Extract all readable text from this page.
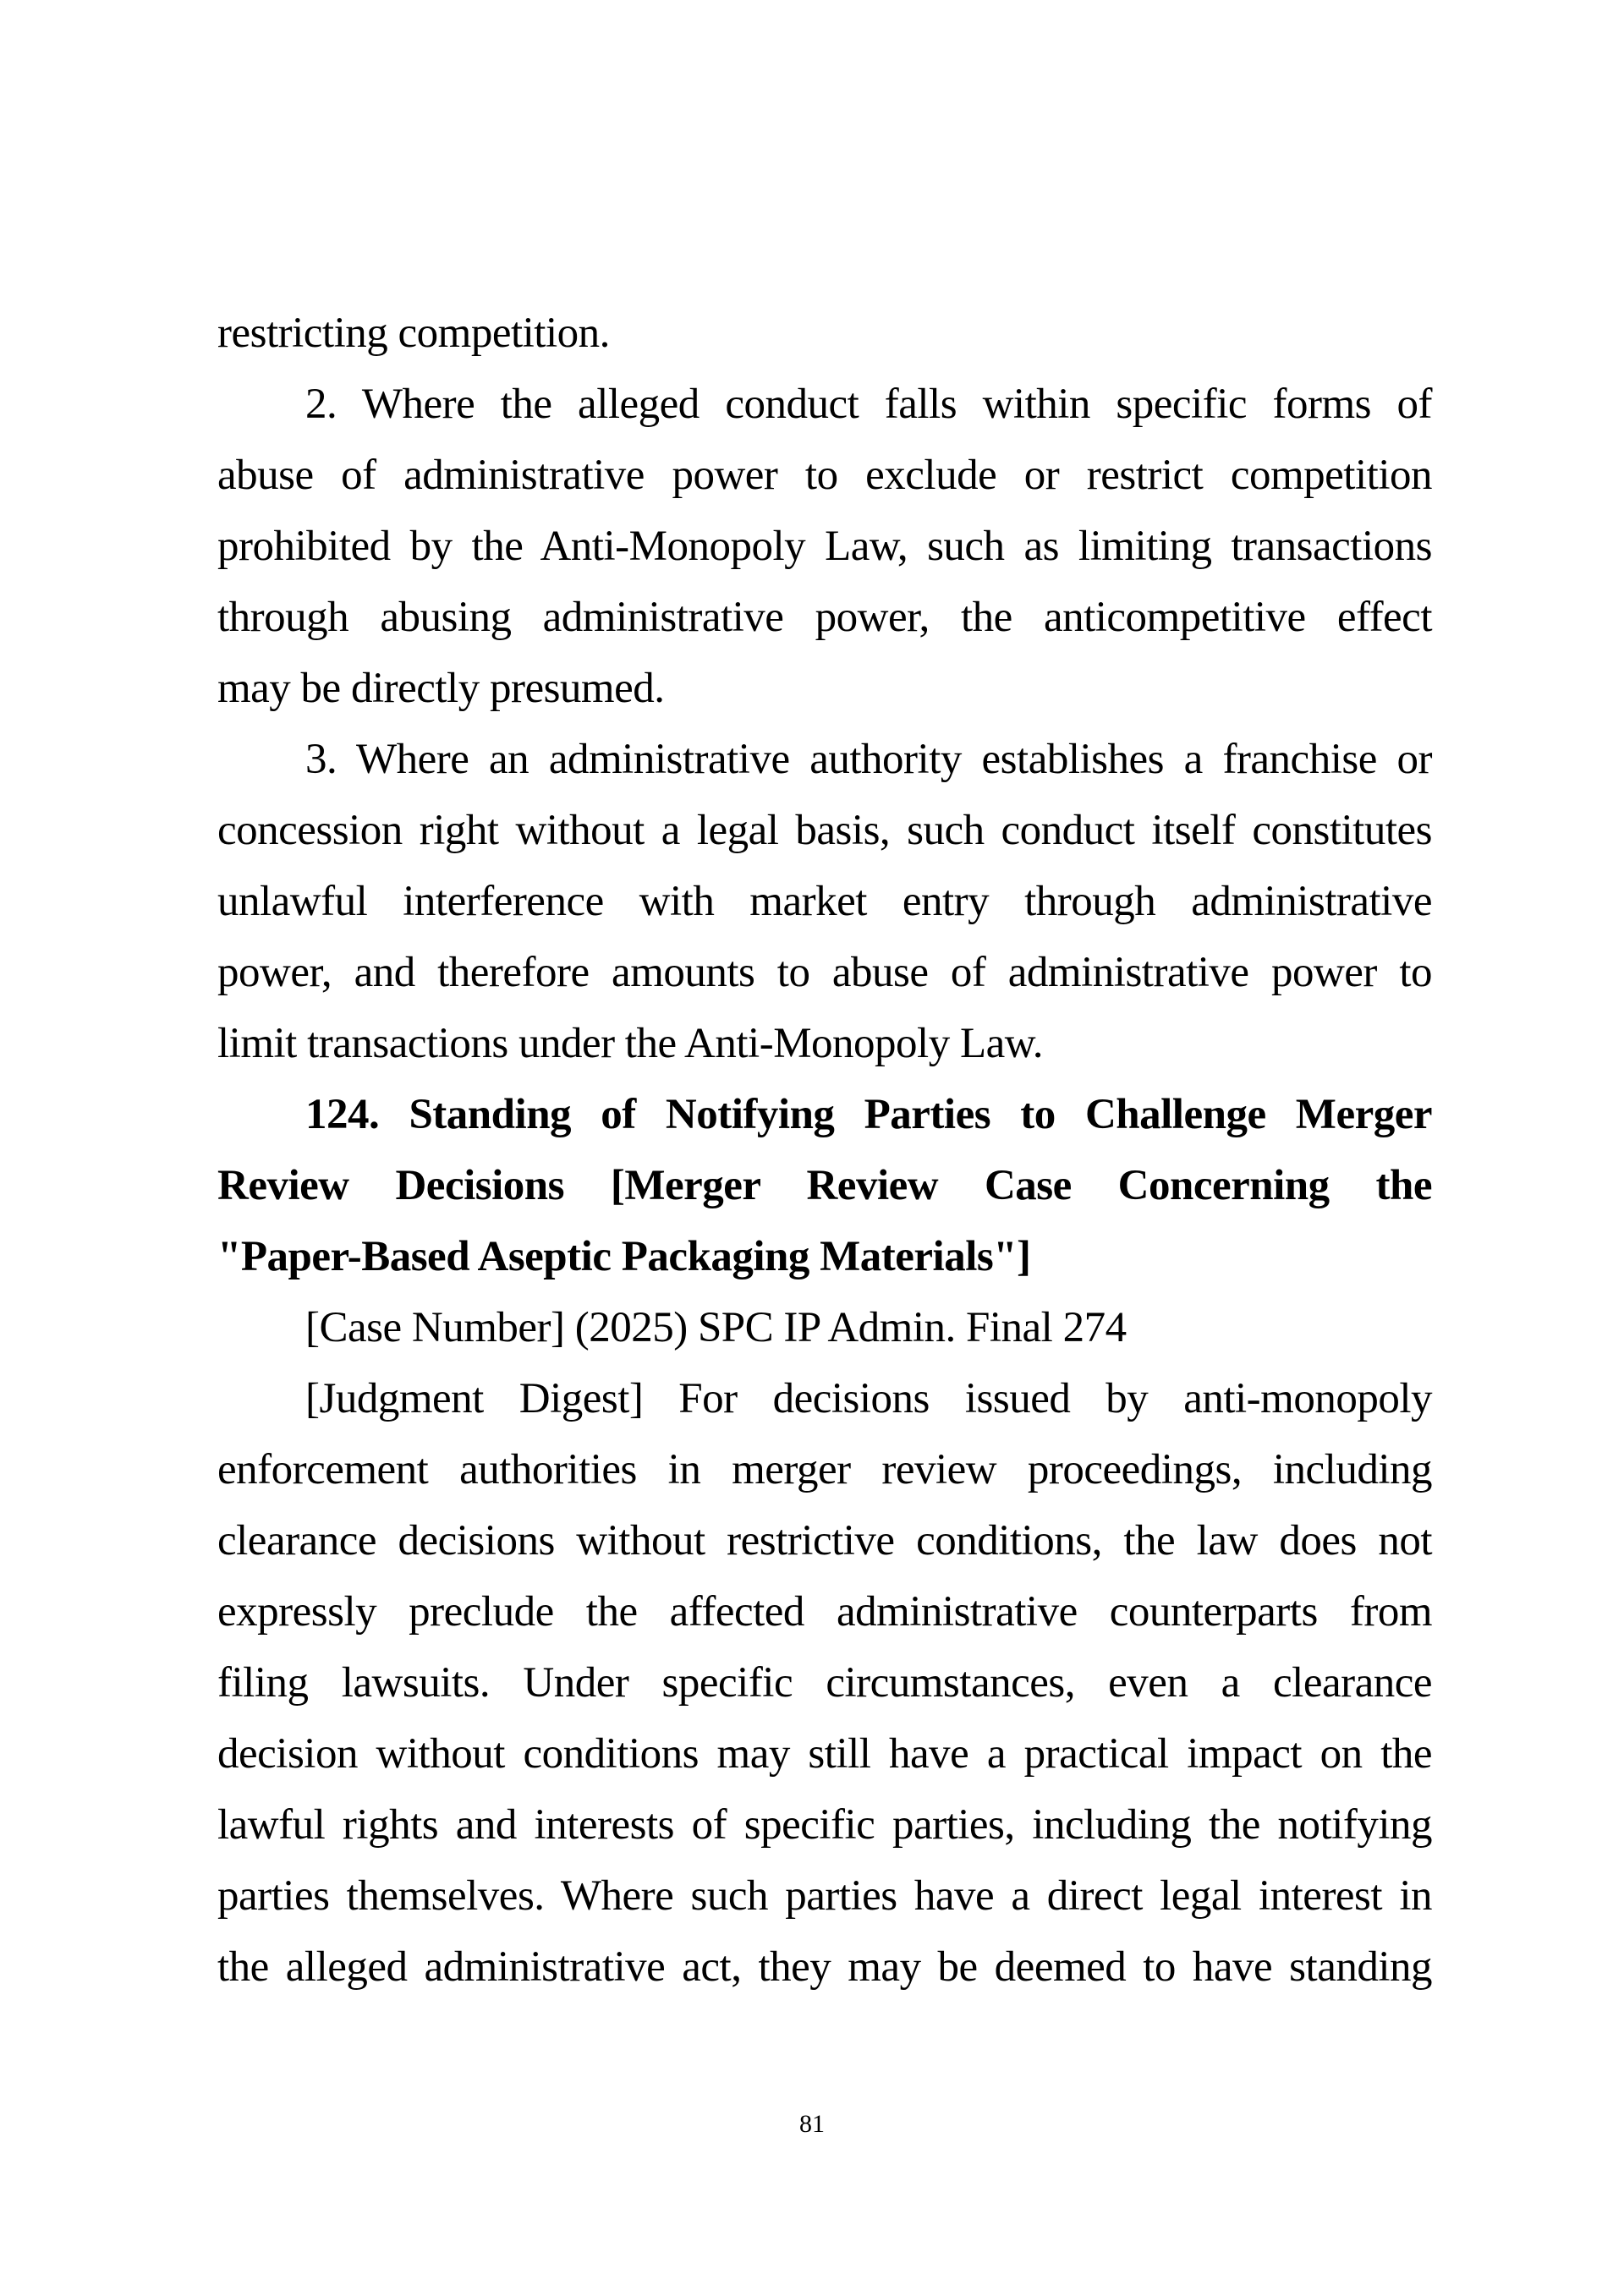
restricting competition.
2. Where the alleged conduct falls within specific forms of
abuse of administrative power to exclude or restrict competition
prohibited by the Anti-Monopoly Law, such as limiting transactions
through abusing administrative power, the anticompetitive effect
may be directly presumed.
3. Where an administrative authority establishes a franchise or
concession right without a legal basis, such conduct itself constitutes
unlawful interference with market entry through administrative
power, and therefore amounts to abuse of administrative power to
limit transactions under the Anti-Monopoly Law.
124. Standing of Notifying Parties to Challenge Merger
Review Decisions [Merger Review Case Concerning the
"Paper-Based Aseptic Packaging Materials"]
[Case Number] (2025) SPC IP Admin. Final 274
[Judgment Digest] For decisions issued by anti-monopoly
enforcement authorities in merger review proceedings, including
clearance decisions without restrictive conditions, the law does not
expressly preclude the affected administrative counterparts from
filing lawsuits. Under specific circumstances, even a clearance
decision without conditions may still have a practical impact on the
lawful rights and interests of specific parties, including the notifying
parties themselves. Where such parties have a direct legal interest in
the alleged administrative act, they may be deemed to have standing
81
